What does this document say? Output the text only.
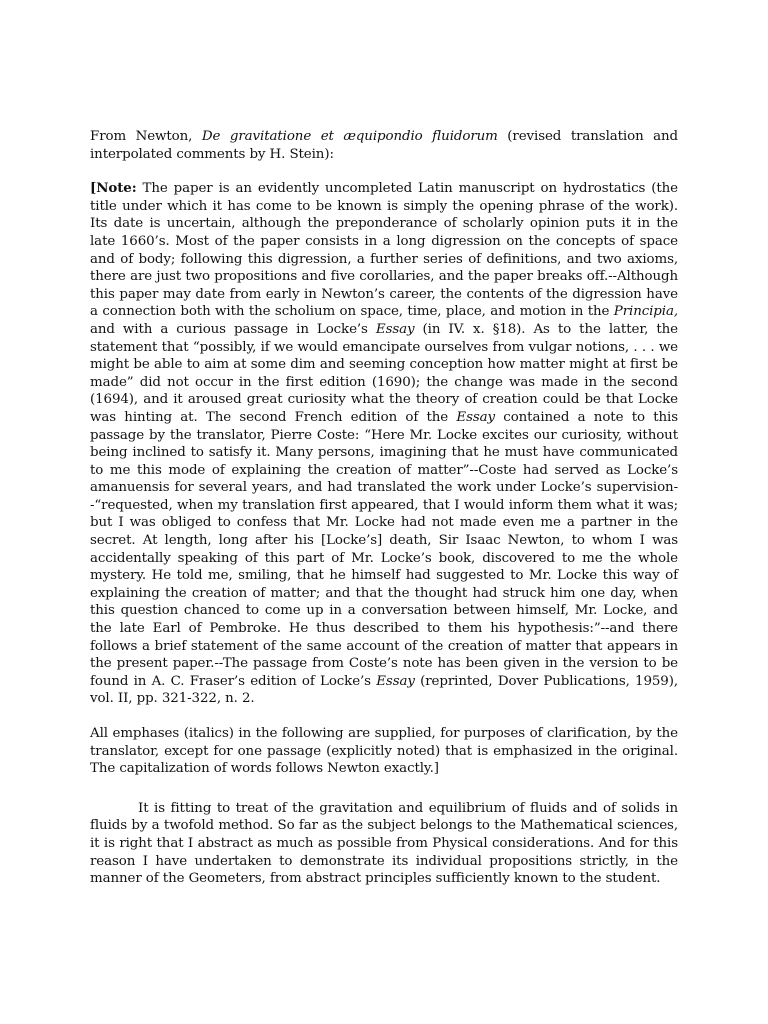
From Newton, De gravitatione et æquipondio fluidorum (revised translation and interpolated comments by H. Stein):

[Note: The paper is an evidently uncompleted Latin manuscript on hydrostatics (the title under which it has come to be known is simply the opening phrase of the work). Its date is uncertain, although the preponderance of scholarly opinion puts it in the late 1660’s. Most of the paper consists in a long digression on the concepts of space and of body; following this digression, a further series of definitions, and two axioms, there are just two propositions and five corollaries, and the paper breaks off.--Although this paper may date from early in Newton’s career, the contents of the digression have a connection both with the scholium on space, time, place, and motion in the Principia, and with a curious passage in Locke’s Essay (in IV. x. §18). As to the latter, the statement that “possibly, if we would emancipate ourselves from vulgar notions, . . . we might be able to aim at some dim and seeming conception how matter might at first be made” did not occur in the first edition (1690); the change was made in the second (1694), and it aroused great curiosity what the theory of creation could be that Locke was hinting at. The second French edition of the Essay contained a note to this passage by the translator, Pierre Coste: “Here Mr. Locke excites our curiosity, without being inclined to satisfy it. Many persons, imagining that he must have communicated to me this mode of explaining the creation of matter”--Coste had served as Locke’s amanuensis for several years, and had translated the work under Locke’s supervision--“requested, when my translation first appeared, that I would inform them what it was; but I was obliged to confess that Mr. Locke had not made even me a partner in the secret. At length, long after his [Locke’s] death, Sir Isaac Newton, to whom I was accidentally speaking of this part of Mr. Locke’s book, discovered to me the whole mystery. He told me, smiling, that he himself had suggested to Mr. Locke this way of explaining the creation of matter; and that the thought had struck him one day, when this question chanced to come up in a conversation between himself, Mr. Locke, and the late Earl of Pembroke. He thus described to them his hypothesis:”--and there follows a brief statement of the same account of the creation of matter that appears in the present paper.--The passage from Coste’s note has been given in the version to be found in A. C. Fraser’s edition of Locke’s Essay (reprinted, Dover Publications, 1959), vol. II, pp. 321-322, n. 2.

All emphases (italics) in the following are supplied, for purposes of clarification, by the translator, except for one passage (explicitly noted) that is emphasized in the original. The capitalization of words follows Newton exactly.]

It is fitting to treat of the gravitation and equilibrium of fluids and of solids in fluids by a twofold method. So far as the subject belongs to the Mathematical sciences, it is right that I abstract as much as possible from Physical considerations. And for this reason I have undertaken to demonstrate its individual propositions strictly, in the manner of the Geometers, from abstract principles sufficiently known to the student.
